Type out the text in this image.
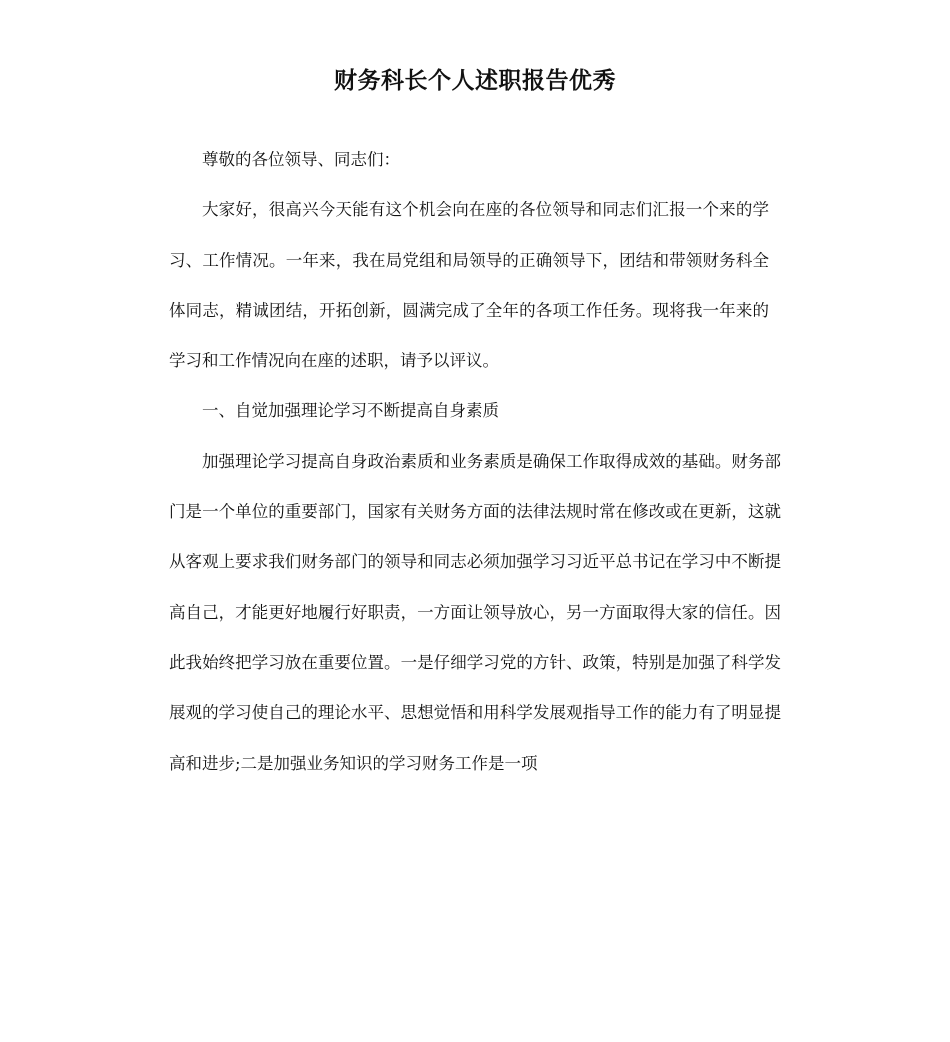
财务科长个人述职报告优秀

尊敬的各位领导、同志们：

大家好，很高兴今天能有这个机会向在座的各位领导和同志们汇报一个来的学习、工作情况。一年来，我在局党组和局领导的正确领导下，团结和带领财务科全体同志，精诚团结，开拓创新，圆满完成了全年的各项工作任务。现将我一年来的学习和工作情况向在座的述职，请予以评议。

一、自觉加强理论学习不断提高自身素质

加强理论学习提高自身政治素质和业务素质是确保工作取得成效的基础。财务部门是一个单位的重要部门，国家有关财务方面的法律法规时常在修改或在更新，这就从客观上要求我们财务部门的领导和同志必须加强学习习近平总书记在学习中不断提高自己，才能更好地履行好职责，一方面让领导放心，另一方面取得大家的信任。因此我始终把学习放在重要位置。一是仔细学习党的方针、政策，特别是加强了科学发展观的学习使自己的理论水平、思想觉悟和用科学发展观指导工作的能力有了明显提高和进步;二是加强业务知识的学习财务工作是一项
